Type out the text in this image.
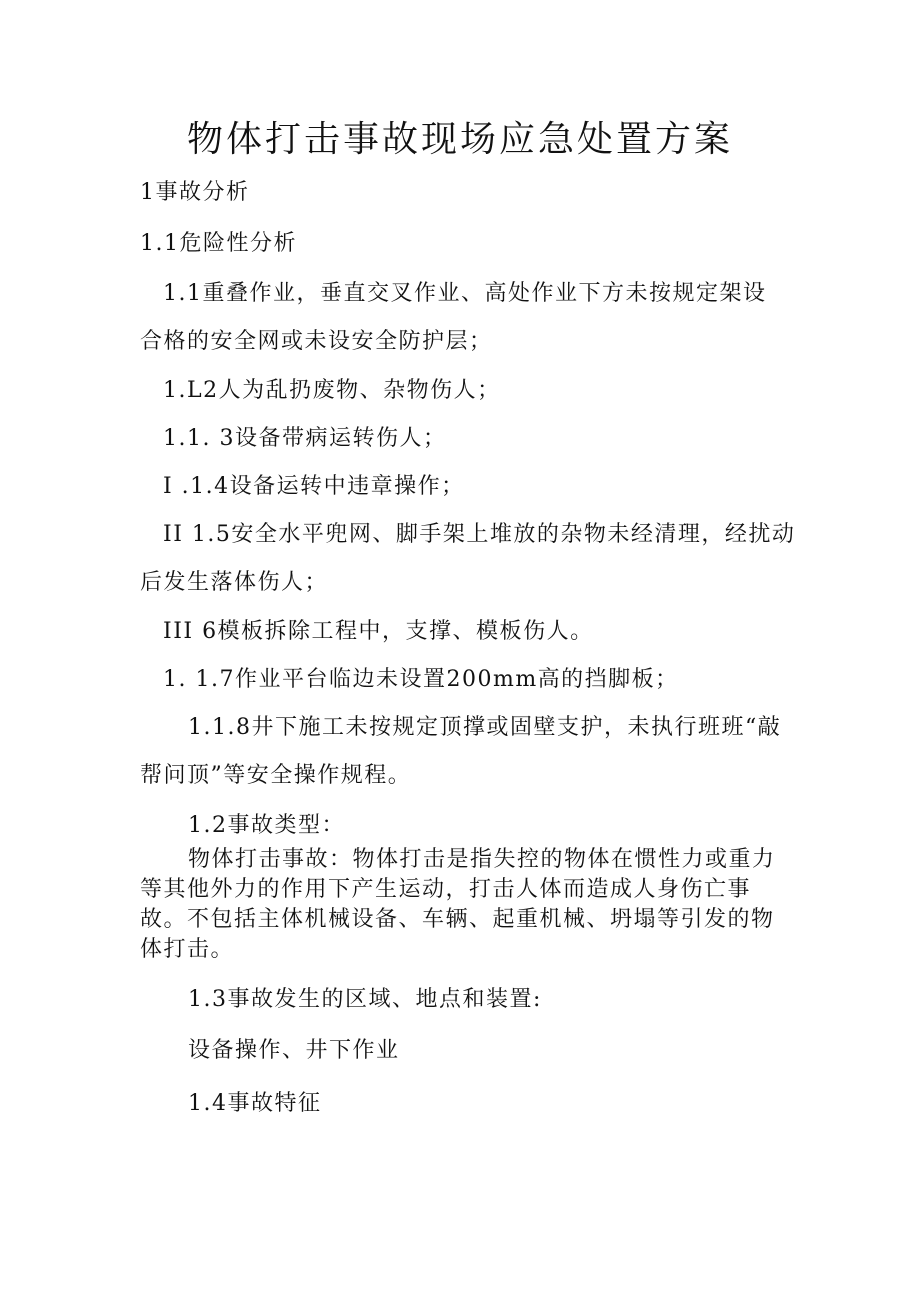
物体打击事故现场应急处置方案

1事故分析

1.1危险性分析

1.1重叠作业，垂直交叉作业、高处作业下方未按规定架设

合格的安全网或未设安全防护层；

1.L2人为乱扔废物、杂物伤人；

1.1. 3设备带病运转伤人；

I .1.4设备运转中违章操作；

II 1.5安全水平兜网、脚手架上堆放的杂物未经清理，经扰动

后发生落体伤人；

III 6模板拆除工程中，支撑、模板伤人。

1. 1.7作业平台临边未设置200mm高的挡脚板；

1.1.8井下施工未按规定顶撑或固壁支护，未执行班班“敲

帮问顶”等安全操作规程。

1.2事故类型：

物体打击事故：物体打击是指失控的物体在惯性力或重力等其他外力的作用下产生运动，打击人体而造成人身伤亡事故。不包括主体机械设备、车辆、起重机械、坍塌等引发的物体打击。

1.3事故发生的区域、地点和装置:

设备操作、井下作业

1.4事故特征
